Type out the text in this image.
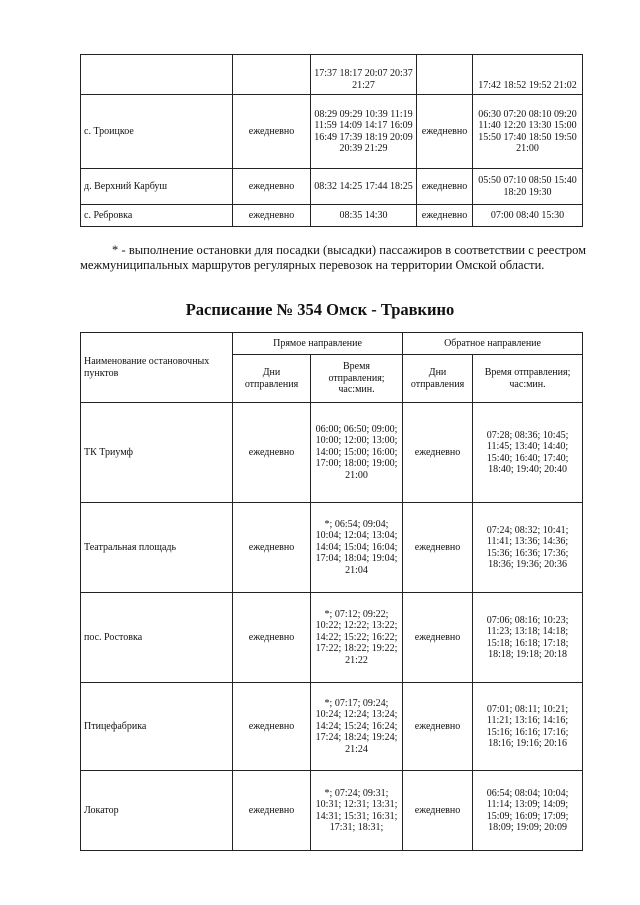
		17:37 18:17 20:07 20:37 21:27		17:42 18:52 19:52 21:02
с. Троицкое	ежедневно	08:29 09:29 10:39 11:19 11:59 14:09 14:17 16:09 16:49 17:39 18:19 20:09 20:39 21:29	ежедневно	06:30 07:20 08:10 09:20 11:40 12:20 13:30 15:00 15:50 17:40 18:50 19:50 21:00
д. Верхний Карбуш	ежедневно	08:32 14:25 17:44 18:25	ежедневно	05:50 07:10 08:50 15:40 18:20 19:30
с. Ребровка	ежедневно	08:35 14:30	ежедневно	07:00 08:40 15:30
* - выполнение остановки для посадки (высадки) пассажиров в соответствии с реестром межмуниципальных маршрутов регулярных перевозок на территории Омской области.
Расписание № 354 Омск - Травкино
Наименование остановочных пунктов	Прямое направление		Обратное направление	
	Дни отправления	Время отправления; час:мин.	Дни отправления	Время отправления; час:мин.
ТК Триумф	ежедневно	06:00; 06:50; 09:00; 10:00; 12:00; 13:00; 14:00; 15:00; 16:00; 17:00; 18:00; 19:00; 21:00	ежедневно	07:28; 08:36; 10:45; 11:45; 13:40; 14:40; 15:40; 16:40; 17:40; 18:40; 19:40; 20:40
Театральная площадь	ежедневно	*; 06:54; 09:04; 10:04; 12:04; 13:04; 14:04; 15:04; 16:04; 17:04; 18:04; 19:04; 21:04	ежедневно	07:24; 08:32; 10:41; 11:41; 13:36; 14:36; 15:36; 16:36; 17:36; 18:36; 19:36; 20:36
пос. Ростовка	ежедневно	*; 07:12; 09:22; 10:22; 12:22; 13:22; 14:22; 15:22; 16:22; 17:22; 18:22; 19:22; 21:22	ежедневно	07:06; 08:16; 10:23; 11:23; 13:18; 14:18; 15:18; 16:18; 17:18; 18:18; 19:18; 20:18
Птицефабрика	ежедневно	*; 07:17; 09:24; 10:24; 12:24; 13:24; 14:24; 15:24; 16:24; 17:24; 18:24; 19:24; 21:24	ежедневно	07:01; 08:11; 10:21; 11:21; 13:16; 14:16; 15:16; 16:16; 17:16; 18:16; 19:16; 20:16
Локатор	ежедневно	*; 07:24; 09:31; 10:31; 12:31; 13:31; 14:31; 15:31; 16:31; 17:31; 18:31;	ежедневно	06:54; 08:04; 10:04; 11:14; 13:09; 14:09; 15:09; 16:09; 17:09; 18:09; 19:09; 20:09
